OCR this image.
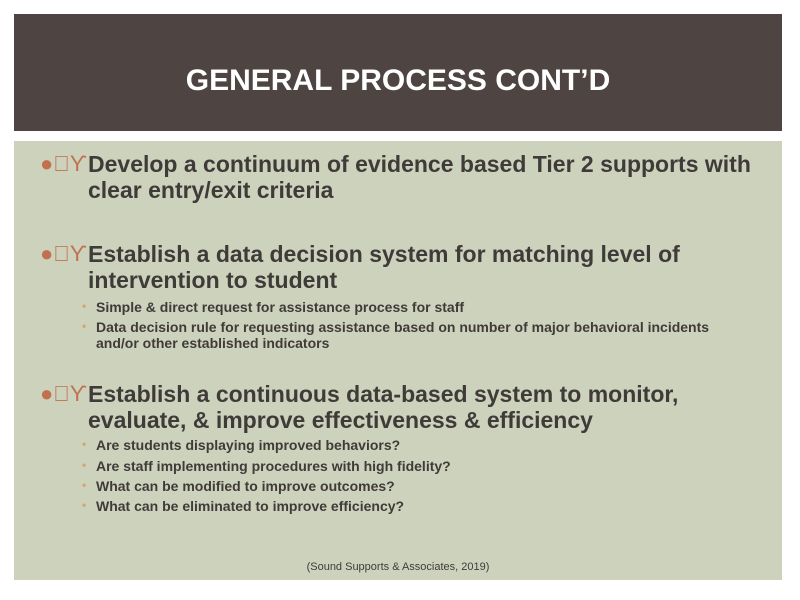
GENERAL PROCESS CONT’D
● ϒ Develop a continuum of evidence based Tier 2 supports with clear entry/exit criteria
● ϒ Establish a data decision system for matching level of intervention to student
• Simple & direct request for assistance process for staff
• Data decision rule for requesting assistance based on number of major behavioral incidents and/or other established indicators
● ϒ Establish a continuous data-based system to monitor, evaluate, & improve effectiveness & efficiency
• Are students displaying improved behaviors?
• Are staff implementing procedures with high fidelity?
• What can be modified to improve outcomes?
• What can be eliminated to improve efficiency?
(Sound Supports & Associates, 2019)
